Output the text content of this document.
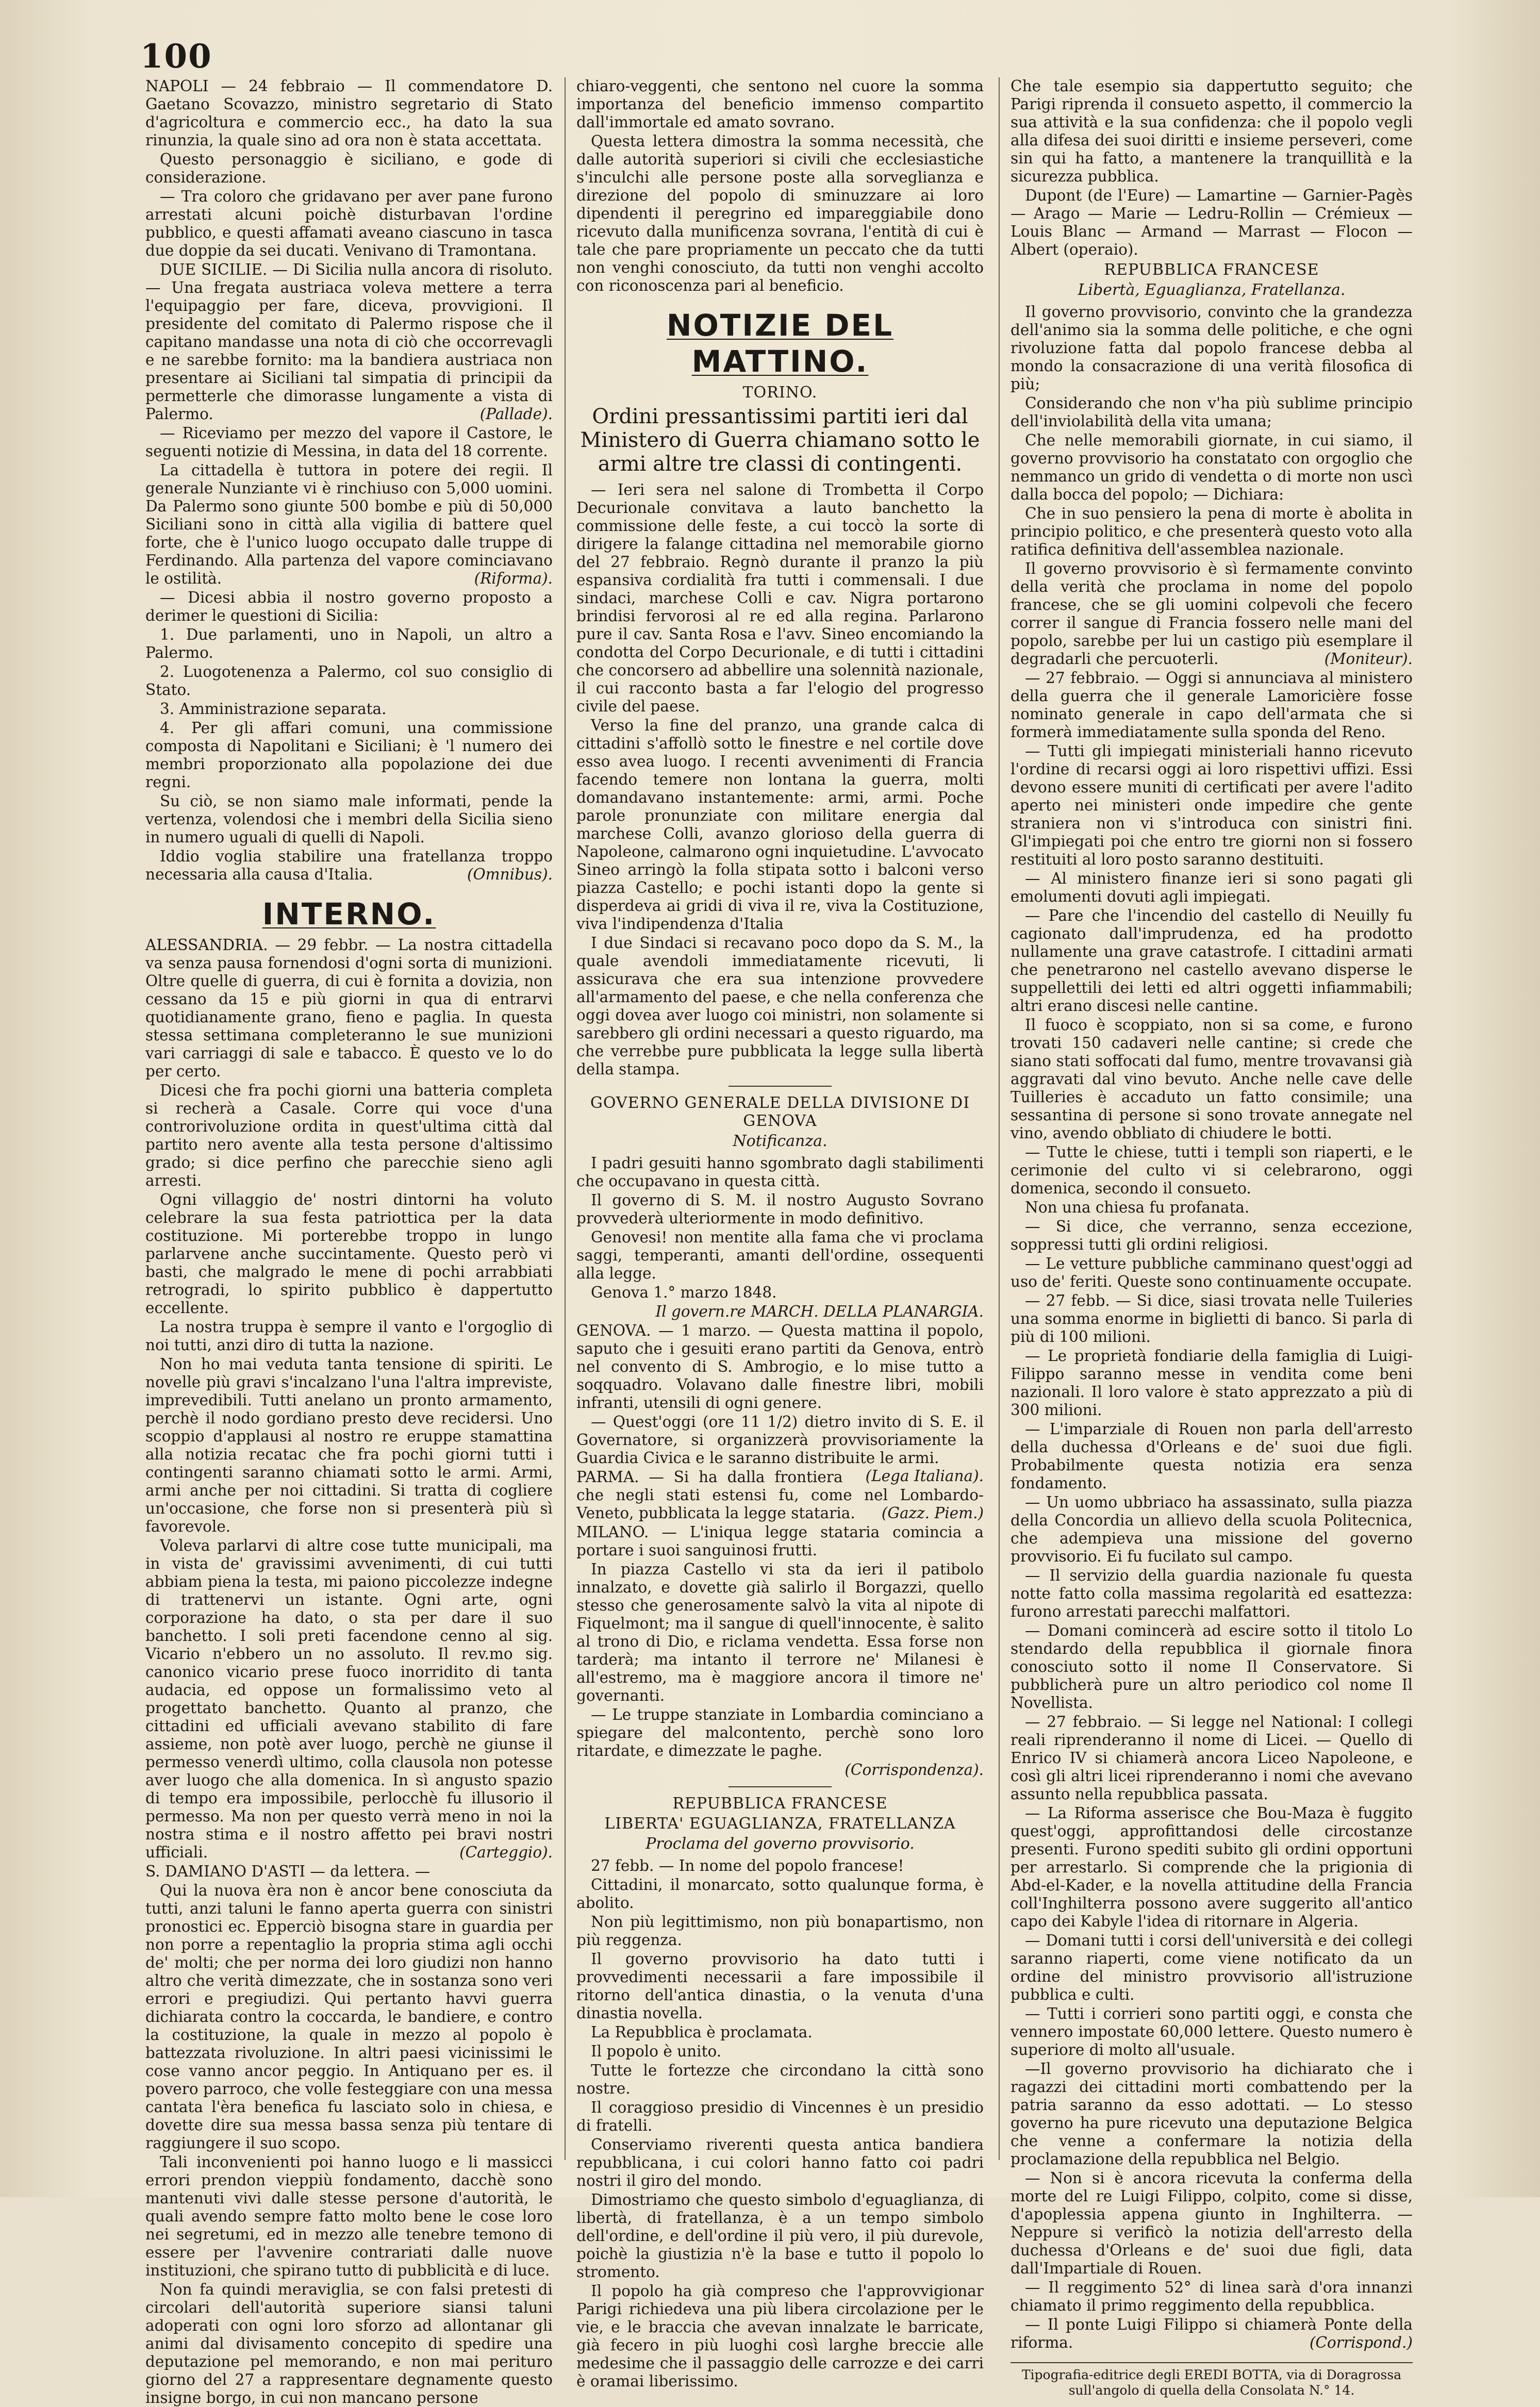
100

NAPOLI — 24 febbraio — Il commendatore D. Gaetano Scovazzo, ministro segretario di Stato d'agricoltura e commercio ecc., ha dato la sua rinunzia, la quale sino ad ora non è stata accettata.

Questo personaggio è siciliano, e gode di considerazione.

— Tra coloro che gridavano per aver pane furono arrestati alcuni poichè disturbavan l'ordine pubblico, e questi affamati aveano ciascuno in tasca due doppie da sei ducati. Venivano di Tramontana.

DUE SICILIE. — Di Sicilia nulla ancora di risoluto. — Una fregata austriaca voleva mettere a terra l'equipaggio per fare, diceva, provvigioni. Il presidente del comitato di Palermo rispose che il capitano mandasse una nota di ciò che occorrevagli e ne sarebbe fornito: ma la bandiera austriaca non presentare ai Siciliani tal simpatia di principii da permetterle che dimorasse lungamente a vista di Palermo.	(Pallade).

— Riceviamo per mezzo del vapore il Castore, le seguenti notizie di Messina, in data del 18 corrente.

La cittadella è tuttora in potere dei regii. Il generale Nunziante vi è rinchiuso con 5,000 uomini. Da Palermo sono giunte 500 bombe e più di 50,000 Siciliani sono in città alla vigilia di battere quel forte, che è l'unico luogo occupato dalle truppe di Ferdinando. Alla partenza del vapore cominciavano le ostilità.	(Riforma).

— Dicesi abbia il nostro governo proposto a derimer le questioni di Sicilia:

1. Due parlamenti, uno in Napoli, un altro a Palermo.

2. Luogotenenza a Palermo, col suo consiglio di Stato.

3. Amministrazione separata.

4. Per gli affari comuni, una commissione composta di Napolitani e Siciliani; è 'l numero dei membri proporzionato alla popolazione dei due regni.

Su ciò, se non siamo male informati, pende la vertenza, volendosi che i membri della Sicilia sieno in numero uguali di quelli di Napoli.

Iddio voglia stabilire una fratellanza troppo necessaria alla causa d'Italia.	(Omnibus).

INTERNO.

ALESSANDRIA. — 29 febbr. — La nostra cittadella va senza pausa fornendosi d'ogni sorta di munizioni. Oltre quelle di guerra, di cui è fornita a dovizia, non cessano da 15 e più giorni in qua di entrarvi quotidianamente grano, fieno e paglia. In questa stessa settimana completeranno le sue munizioni vari carriaggi di sale e tabacco. È questo ve lo do per certo.

Dicesi che fra pochi giorni una batteria completa si recherà a Casale. Corre qui voce d'una controrivoluzione ordita in quest'ultima città dal partito nero avente alla testa persone d'altissimo grado; si dice perfino che parecchie sieno agli arresti.

Ogni villaggio de' nostri dintorni ha voluto celebrare la sua festa patriottica per la data costituzione. Mi porterebbe troppo in lungo parlarvene anche succintamente. Questo però vi basti, che malgrado le mene di pochi arrabbiati retrogradi, lo spirito pubblico è dappertutto eccellente.

La nostra truppa è sempre il vanto e l'orgoglio di noi tutti, anzi diro di tutta la nazione.

Non ho mai veduta tanta tensione di spiriti. Le novelle più gravi s'incalzano l'una l'altra impreviste, imprevedibili. Tutti anelano un pronto armamento, perchè il nodo gordiano presto deve recidersi. Uno scoppio d'applausi al nostro re eruppe stamattina alla notizia recatac che fra pochi giorni tutti i contingenti saranno chiamati sotto le armi. Armi, armi anche per noi cittadini. Si tratta di cogliere un'occasione, che forse non si presenterà più sì favorevole.

Voleva parlarvi di altre cose tutte municipali, ma in vista de' gravissimi avvenimenti, di cui tutti abbiam piena la testa, mi paiono piccolezze indegne di trattenervi un istante. Ogni arte, ogni corporazione ha dato, o sta per dare il suo banchetto. I soli preti facendone cenno al sig. Vicario n'ebbero un no assoluto. Il rev.mo sig. canonico vicario prese fuoco inorridito di tanta audacia, ed oppose un formalissimo veto al progettato banchetto. Quanto al pranzo, che cittadini ed ufficiali avevano stabilito di fare assieme, non potè aver luogo, perchè ne giunse il permesso venerdì ultimo, colla clausola non potesse aver luogo che alla domenica. In sì angusto spazio di tempo era impossibile, perlocchè fu illusorio il permesso. Ma non per questo verrà meno in noi la nostra stima e il nostro affetto pei bravi nostri ufficiali.	(Carteggio).

S. DAMIANO D'ASTI — da lettera. —

Qui la nuova èra non è ancor bene conosciuta da tutti, anzi taluni le fanno aperta guerra con sinistri pronostici ec. Epperciò bisogna stare in guardia per non porre a repentaglio la propria stima agli occhi de' molti; che per norma dei loro giudizi non hanno altro che verità dimezzate, che in sostanza sono veri errori e pregiudizi. Qui pertanto havvi guerra dichiarata contro la coccarda, le bandiere, e contro la costituzione, la quale in mezzo al popolo è battezzata rivoluzione. In altri paesi vicinissimi le cose vanno ancor peggio. In Antiquano per es. il povero parroco, che volle festeggiare con una messa cantata l'èra benefica fu lasciato solo in chiesa, e dovette dire sua messa bassa senza più tentare di raggiungere il suo scopo.

Tali inconvenienti poi hanno luogo e li massicci errori prendon vieppiù fondamento, dacchè sono mantenuti vivi dalle stesse persone d'autorità, le quali avendo sempre fatto molto bene le cose loro nei segretumi, ed in mezzo alle tenebre temono di essere per l'avvenire contrariati dalle nuove instituzioni, che spirano tutto di pubblicità e di luce.

Non fa quindi meraviglia, se con falsi pretesti di circolari dell'autorità superiore siansi taluni adoperati con ogni loro sforzo ad allontanar gli animi dal divisamento concepito di spedire una deputazione pel memorando, e non mai perituro giorno del 27 a rappresentare degnamente questo insigne borgo, in cui non mancano persone

chiaro-veggenti, che sentono nel cuore la somma importanza del beneficio immenso compartito dall'immortale ed amato sovrano.

Questa lettera dimostra la somma necessità, che dalle autorità superiori si civili che ecclesiastiche s'inculchi alle persone poste alla sorveglianza e direzione del popolo di sminuzzare ai loro dipendenti il peregrino ed impareggiabile dono ricevuto dalla munificenza sovrana, l'entità di cui è tale che pare propriamente un peccato che da tutti non venghi conosciuto, da tutti non venghi accolto con riconoscenza pari al beneficio.

NOTIZIE DEL MATTINO.
TORINO.
Ordini pressantissimi partiti ieri dal Ministero di Guerra chiamano sotto le armi altre tre classi di contingenti.

— Ieri sera nel salone di Trombetta il Corpo Decurionale convitava a lauto banchetto la commissione delle feste, a cui toccò la sorte di dirigere la falange cittadina nel memorabile giorno del 27 febbraio. Regnò durante il pranzo la più espansiva cordialità fra tutti i commensali. I due sindaci, marchese Colli e cav. Nigra portarono brindisi fervorosi al re ed alla regina. Parlarono pure il cav. Santa Rosa e l'avv. Sineo encomiando la condotta del Corpo Decurionale, e di tutti i cittadini che concorsero ad abbellire una solennità nazionale, il cui racconto basta a far l'elogio del progresso civile del paese.

Verso la fine del pranzo, una grande calca di cittadini s'affollò sotto le finestre e nel cortile dove esso avea luogo. I recenti avvenimenti di Francia facendo temere non lontana la guerra, molti domandavano instantemente: armi, armi. Poche parole pronunziate con militare energia dal marchese Colli, avanzo glorioso della guerra di Napoleone, calmarono ogni inquietudine. L'avvocato Sineo arringò la folla stipata sotto i balconi verso piazza Castello; e pochi istanti dopo la gente si disperdeva ai gridi di viva il re, viva la Costituzione, viva l'indipendenza d'Italia

I due Sindaci si recavano poco dopo da S. M., la quale avendoli immediatamente ricevuti, li assicurava che era sua intenzione provvedere all'armamento del paese, e che nella conferenza che oggi dovea aver luogo coi ministri, non solamente si sarebbero gli ordini necessari a questo riguardo, ma che verrebbe pure pubblicata la legge sulla libertà della stampa.

GOVERNO GENERALE DELLA DIVISIONE DI GENOVA
Notificanza.

I padri gesuiti hanno sgombrato dagli stabilimenti che occupavano in questa città.

Il governo di S. M. il nostro Augusto Sovrano provvederà ulteriormente in modo definitivo.

Genovesi! non mentite alla fama che vi proclama saggi, temperanti, amanti dell'ordine, ossequenti alla legge.

Genova 1.° marzo 1848.

Il govern.re MARCH. DELLA PLANARGIA.

GENOVA. — 1 marzo. — Questa mattina il popolo, saputo che i gesuiti erano partiti da Genova, entrò nel convento di S. Ambrogio, e lo mise tutto a soqquadro. Volavano dalle finestre libri, mobili infranti, utensili di ogni genere.

— Quest'oggi (ore 11 1/2) dietro invito di S. E. il Governatore, si organizzerà provvisoriamente la Guardia Civica e le saranno distribuite le armi.
(Lega Italiana).

PARMA. — Si ha dalla frontiera che negli stati estensi fu, come nel Lombardo-Veneto, pubblicata la legge stataria.	(Gazz. Piem.)

MILANO. — L'iniqua legge stataria comincia a portare i suoi sanguinosi frutti.

In piazza Castello vi sta da ieri il patibolo innalzato, e dovette già salirlo il Borgazzi, quello stesso che generosamente salvò la vita al nipote di Fiquelmont; ma il sangue di quell'innocente, è salito al trono di Dio, e riclama vendetta. Essa forse non tarderà; ma intanto il terrore ne' Milanesi è all'estremo, ma è maggiore ancora il timore ne' governanti.

— Le truppe stanziate in Lombardia cominciano a spiegare del malcontento, perchè sono loro ritardate, e dimezzate le paghe.

(Corrispondenza).

REPUBBLICA FRANCESE
LIBERTA' EGUAGLIANZA, FRATELLANZA
Proclama del governo provvisorio.

27 febb. — In nome del popolo francese!

Cittadini, il monarcato, sotto qualunque forma, è abolito.

Non più legittimismo, non più bonapartismo, non più reggenza.

Il governo provvisorio ha dato tutti i provvedimenti necessarii a fare impossibile il ritorno dell'antica dinastia, o la venuta d'una dinastia novella.

La Repubblica è proclamata.

Il popolo è unito.

Tutte le fortezze che circondano la città sono nostre.

Il coraggioso presidio di Vincennes è un presidio di fratelli.

Conserviamo riverenti questa antica bandiera repubblicana, i cui colori hanno fatto coi padri nostri il giro del mondo.

Dimostriamo che questo simbolo d'eguaglianza, di libertà, di fratellanza, è a un tempo simbolo dell'ordine, e dell'ordine il più vero, il più durevole, poichè la giustizia n'è la base e tutto il popolo lo stromento.

Il popolo ha già compreso che l'approvvigionar Parigi richiedeva una più libera circolazione per le vie, e le braccia che avevan innalzate le barricate, già fecero in più luoghi così larghe breccie alle medesime che il passaggio delle carrozze e dei carri è oramai liberissimo.

Che tale esempio sia dappertutto seguito; che Parigi riprenda il consueto aspetto, il commercio la sua attività e la sua confidenza: che il popolo vegli alla difesa dei suoi diritti e insieme perseveri, come sin qui ha fatto, a mantenere la tranquillità e la sicurezza pubblica.

Dupont (de l'Eure) — Lamartine — Garnier-Pagès — Arago — Marie — Ledru-Rollin — Crémieux — Louis Blanc — Armand — Marrast — Flocon — Albert (operaio).

REPUBBLICA FRANCESE
Libertà, Eguaglianza, Fratellanza.

Il governo provvisorio, convinto che la grandezza dell'animo sia la somma delle politiche, e che ogni rivoluzione fatta dal popolo francese debba al mondo la consacrazione di una verità filosofica di più;

Considerando che non v'ha più sublime principio dell'inviolabilità della vita umana;

Che nelle memorabili giornate, in cui siamo, il governo provvisorio ha constatato con orgoglio che nemmanco un grido di vendetta o di morte non uscì dalla bocca del popolo; — Dichiara:

Che in suo pensiero la pena di morte è abolita in principio politico, e che presenterà questo voto alla ratifica definitiva dell'assemblea nazionale.

Il governo provvisorio è sì fermamente convinto della verità che proclama in nome del popolo francese, che se gli uomini colpevoli che fecero correr il sangue di Francia fossero nelle mani del popolo, sarebbe per lui un castigo più esemplare il degradarli che percuoterli.	(Moniteur).

— 27 febbraio. — Oggi si annunciava al ministero della guerra che il generale Lamoricière fosse nominato generale in capo dell'armata che si formerà immediatamente sulla sponda del Reno.

— Tutti gli impiegati ministeriali hanno ricevuto l'ordine di recarsi oggi ai loro rispettivi uffizi. Essi devono essere muniti di certificati per avere l'adito aperto nei ministeri onde impedire che gente straniera non vi s'introduca con sinistri fini. Gl'impiegati poi che entro tre giorni non si fossero restituiti al loro posto saranno destituiti.

— Al ministero finanze ieri si sono pagati gli emolumenti dovuti agli impiegati.

— Pare che l'incendio del castello di Neuilly fu cagionato dall'imprudenza, ed ha prodotto nullamente una grave catastrofe. I cittadini armati che penetrarono nel castello avevano disperse le suppellettili dei letti ed altri oggetti infiammabili; altri erano discesi nelle cantine.

Il fuoco è scoppiato, non si sa come, e furono trovati 150 cadaveri nelle cantine; si crede che siano stati soffocati dal fumo, mentre trovavansi già aggravati dal vino bevuto. Anche nelle cave delle Tuilleries è accaduto un fatto consimile; una sessantina di persone si sono trovate annegate nel vino, avendo obbliato di chiudere le botti.

— Tutte le chiese, tutti i templi son riaperti, e le cerimonie del culto vi si celebrarono, oggi domenica, secondo il consueto.

Non una chiesa fu profanata.

— Si dice, che verranno, senza eccezione, soppressi tutti gli ordini religiosi.

— Le vetture pubbliche camminano quest'oggi ad uso de' feriti. Queste sono continuamente occupate.

— 27 febb. — Si dice, siasi trovata nelle Tuileries una somma enorme in biglietti di banco. Si parla di più di 100 milioni.

— Le proprietà fondiarie della famiglia di Luigi-Filippo saranno messe in vendita come beni nazionali. Il loro valore è stato apprezzato a più di 300 milioni.

— L'imparziale di Rouen non parla dell'arresto della duchessa d'Orleans e de' suoi due figli. Probabilmente questa notizia era senza fondamento.

— Un uomo ubbriaco ha assassinato, sulla piazza della Concordia un allievo della scuola Politecnica, che adempieva una missione del governo provvisorio. Ei fu fucilato sul campo.

— Il servizio della guardia nazionale fu questa notte fatto colla massima regolarità ed esattezza: furono arrestati parecchi malfattori.

— Domani comincerà ad escire sotto il titolo Lo stendardo della repubblica il giornale finora conosciuto sotto il nome Il Conservatore. Si pubblicherà pure un altro periodico col nome Il Novellista.

— 27 febbraio. — Si legge nel National: I collegi reali riprenderanno il nome di Licei. — Quello di Enrico IV si chiamerà ancora Liceo Napoleone, e così gli altri licei riprenderanno i nomi che avevano assunto nella repubblica passata.

— La Riforma asserisce che Bou-Maza è fuggito quest'oggi, approfittandosi delle circostanze presenti. Furono spediti subito gli ordini opportuni per arrestarlo. Si comprende che la prigionia di Abd-el-Kader, e la novella attitudine della Francia coll'Inghilterra possono avere suggerito all'antico capo dei Kabyle l'idea di ritornare in Algeria.

— Domani tutti i corsi dell'università e dei collegi saranno riaperti, come viene notificato da un ordine del ministro provvisorio all'istruzione pubblica e culti.

— Tutti i corrieri sono partiti oggi, e consta che vennero impostate 60,000 lettere. Questo numero è superiore di molto all'usuale.

—Il governo provvisorio ha dichiarato che i ragazzi dei cittadini morti combattendo per la patria saranno da esso adottati. — Lo stesso governo ha pure ricevuto una deputazione Belgica che venne a confermare la notizia della proclamazione della repubblica nel Belgio.

— Non si è ancora ricevuta la conferma della morte del re Luigi Filippo, colpito, come si disse, d'apoplessia appena giunto in Inghilterra. — Neppure si verificò la notizia dell'arresto della duchessa d'Orleans e de' suoi due figli, data dall'Impartiale di Rouen.

— Il reggimento 52° di linea sarà d'ora innanzi chiamato il primo reggimento della repubblica.

— Il ponte Luigi Filippo si chiamerà Ponte della riforma.	(Corrispond.)

Tipografia-editrice degli EREDI BOTTA, via di Doragrossa sull'angolo di quella della Consolata N.° 14.
